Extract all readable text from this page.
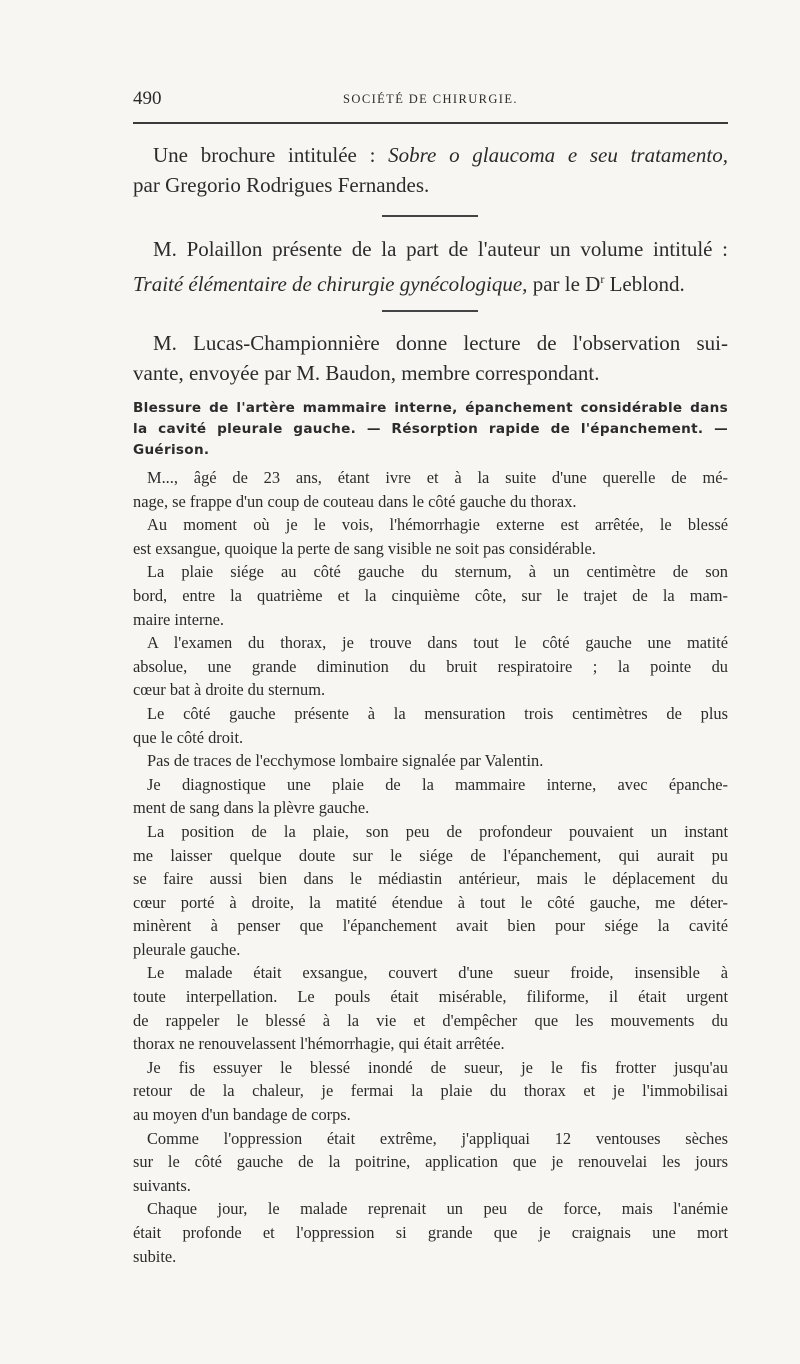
490	SOCIÉTÉ DE CHIRURGIE.
Une brochure intitulée : Sobre o glaucoma e seu tratamento,
par Gregorio Rodrigues Fernandes.
M. Polaillon présente de la part de l'auteur un volume intitulé :
Traité élémentaire de chirurgie gynécologique, par le $D^r$ Leblond.
M. Lucas-Championnière donne lecture de l'observation sui-
vante, envoyée par M. Baudon, membre correspondant.
Blessure de l'artère mammaire interne, épanchement considérable dans
la cavité pleurale gauche. — Résorption rapide de l'épanchement. —
Guérison.
M..., âgé de 23 ans, étant ivre et à la suite d'une querelle de mé-
nage, se frappe d'un coup de couteau dans le côté gauche du thorax.
Au moment où je le vois, l'hémorrhagie externe est arrêtée, le blessé
est exsangue, quoique la perte de sang visible ne soit pas considérable.
La plaie siége au côté gauche du sternum, à un centimètre de son
bord, entre la quatrième et la cinquième côte, sur le trajet de la mam-
maire interne.
A l'examen du thorax, je trouve dans tout le côté gauche une matité
absolue, une grande diminution du bruit respiratoire ; la pointe du
cœur bat à droite du sternum.
Le côté gauche présente à la mensuration trois centimètres de plus
que le côté droit.
Pas de traces de l'ecchymose lombaire signalée par Valentin.
Je diagnostique une plaie de la mammaire interne, avec épanche-
ment de sang dans la plèvre gauche.
La position de la plaie, son peu de profondeur pouvaient un instant
me laisser quelque doute sur le siége de l'épanchement, qui aurait pu
se faire aussi bien dans le médiastin antérieur, mais le déplacement du
cœur porté à droite, la matité étendue à tout le côté gauche, me déter-
minèrent à penser que l'épanchement avait bien pour siége la cavité
pleurale gauche.
Le malade était exsangue, couvert d'une sueur froide, insensible à
toute interpellation. Le pouls était misérable, filiforme, il était urgent
de rappeler le blessé à la vie et d'empêcher que les mouvements du
thorax ne renouvelassent l'hémorrhagie, qui était arrêtée.
Je fis essuyer le blessé inondé de sueur, je le fis frotter jusqu'au
retour de la chaleur, je fermai la plaie du thorax et je l'immobilisai
au moyen d'un bandage de corps.
Comme l'oppression était extrême, j'appliquai 12 ventouses sèches
sur le côté gauche de la poitrine, application que je renouvelai les jours
suivants.
Chaque jour, le malade reprenait un peu de force, mais l'anémie
était profonde et l'oppression si grande que je craignais une mort
subite.
